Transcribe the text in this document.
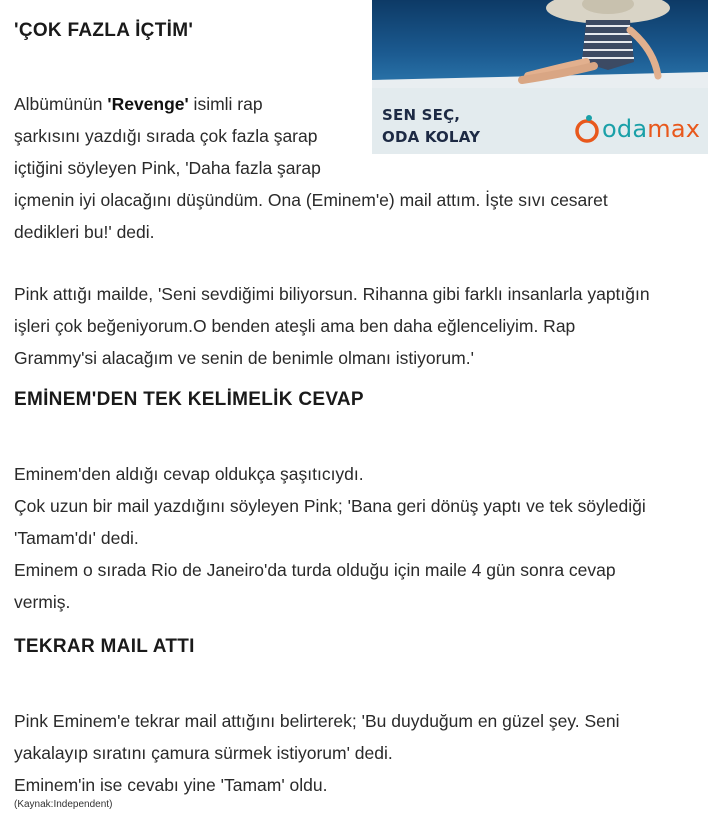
'ÇOK FAZLA İÇTİM'

Albümünün 'Revenge' isimli rap
şarkısını yazdığı sırada çok fazla şarap
içtiğini söyleyen Pink, 'Daha fazla şarap
içmenin iyi olacağını düşündüm. Ona (Eminem'e) mail attım. İşte sıvı cesaret
dedikleri bu!' dedi.

Pink attığı mailde, 'Seni sevdiğimi biliyorsun. Rihanna gibi farklı insanlarla yaptığın
işleri çok beğeniyorum.O benden ateşli ama ben daha eğlenceliyim. Rap
Grammy'si alacağım ve senin de benimle olmanı istiyorum.'

EMİNEM'DEN TEK KELİMELİK CEVAP

Eminem'den aldığı cevap oldukça şaşıtıcıydı.
Çok uzun bir mail yazdığını söyleyen Pink; 'Bana geri dönüş yaptı ve tek söylediği
'Tamam'dı' dedi.
Eminem o sırada Rio de Janeiro'da turda olduğu için maile 4 gün sonra cevap
vermiş.

TEKRAR MAIL ATTI

Pink Eminem'e tekrar mail attığını belirterek; 'Bu duyduğum en güzel şey. Seni
yakalayıp sıratını çamura sürmek istiyorum' dedi.
Eminem'in ise cevabı yine 'Tamam' oldu.

(Kaynak:Independent)

SEN SEÇ,
ODA KOLAY	odamax
